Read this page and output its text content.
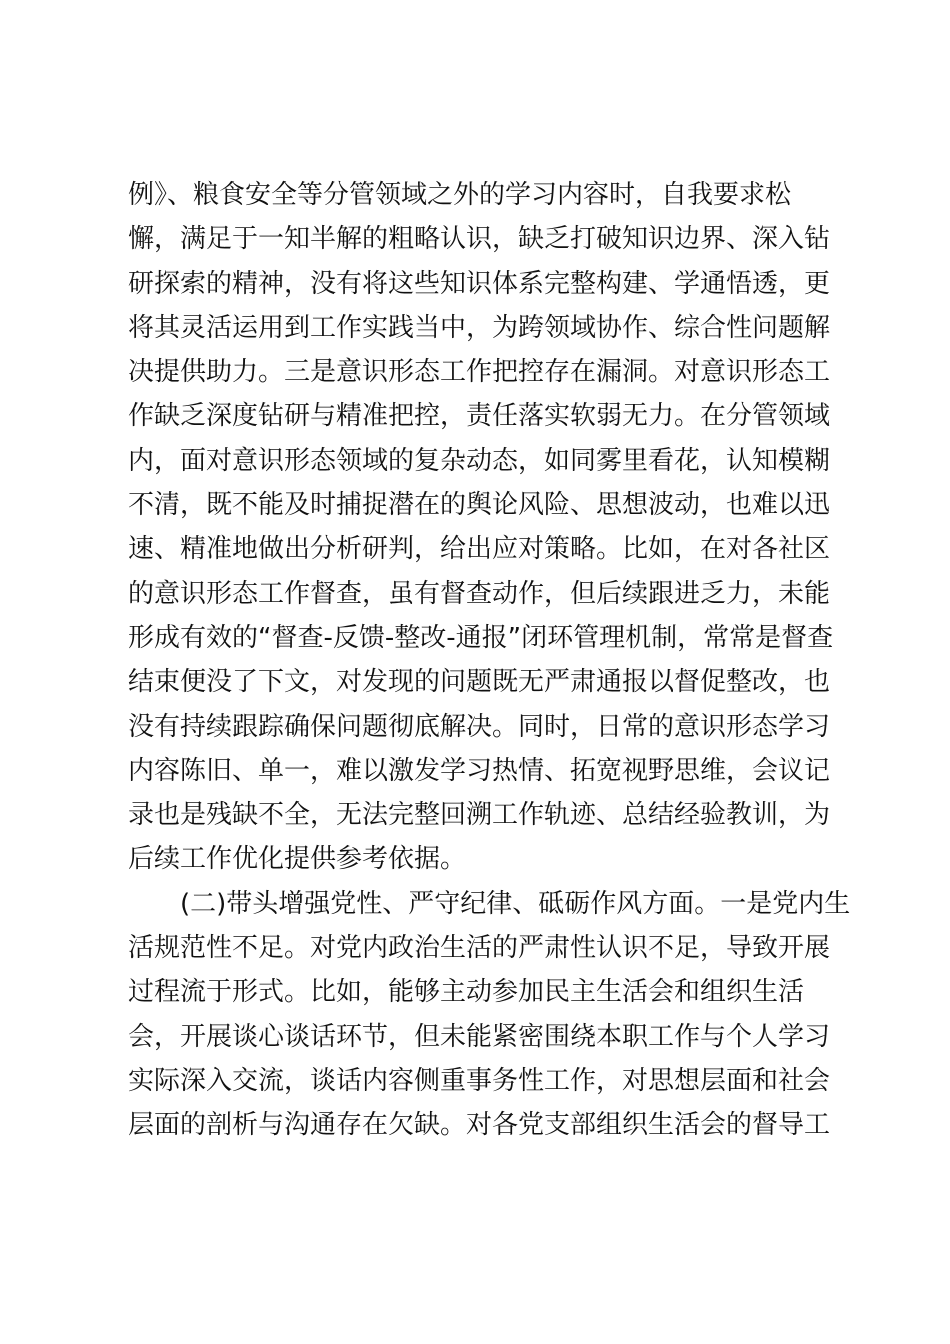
例》、粮食安全等分管领域之外的学习内容时，自我要求松
懈，满足于一知半解的粗略认识，缺乏打破知识边界、深入钻
研探索的精神，没有将这些知识体系完整构建、学通悟透，更
将其灵活运用到工作实践当中，为跨领域协作、综合性问题解
决提供助力。三是意识形态工作把控存在漏洞。对意识形态工
作缺乏深度钻研与精准把控，责任落实软弱无力。在分管领域
内，面对意识形态领域的复杂动态，如同雾里看花，认知模糊
不清，既不能及时捕捉潜在的舆论风险、思想波动，也难以迅
速、精准地做出分析研判，给出应对策略。比如，在对各社区
的意识形态工作督查，虽有督查动作，但后续跟进乏力，未能
形成有效的“督查-反馈-整改-通报”闭环管理机制，常常是督查
结束便没了下文，对发现的问题既无严肃通报以督促整改，也
没有持续跟踪确保问题彻底解决。同时，日常的意识形态学习
内容陈旧、单一，难以激发学习热情、拓宽视野思维，会议记
录也是残缺不全，无法完整回溯工作轨迹、总结经验教训，为
后续工作优化提供参考依据。
(二)带头增强党性、严守纪律、砥砺作风方面。一是党内生
活规范性不足。对党内政治生活的严肃性认识不足，导致开展
过程流于形式。比如，能够主动参加民主生活会和组织生活
会，开展谈心谈话环节，但未能紧密围绕本职工作与个人学习
实际深入交流，谈话内容侧重事务性工作，对思想层面和社会
层面的剖析与沟通存在欠缺。对各党支部组织生活会的督导工
